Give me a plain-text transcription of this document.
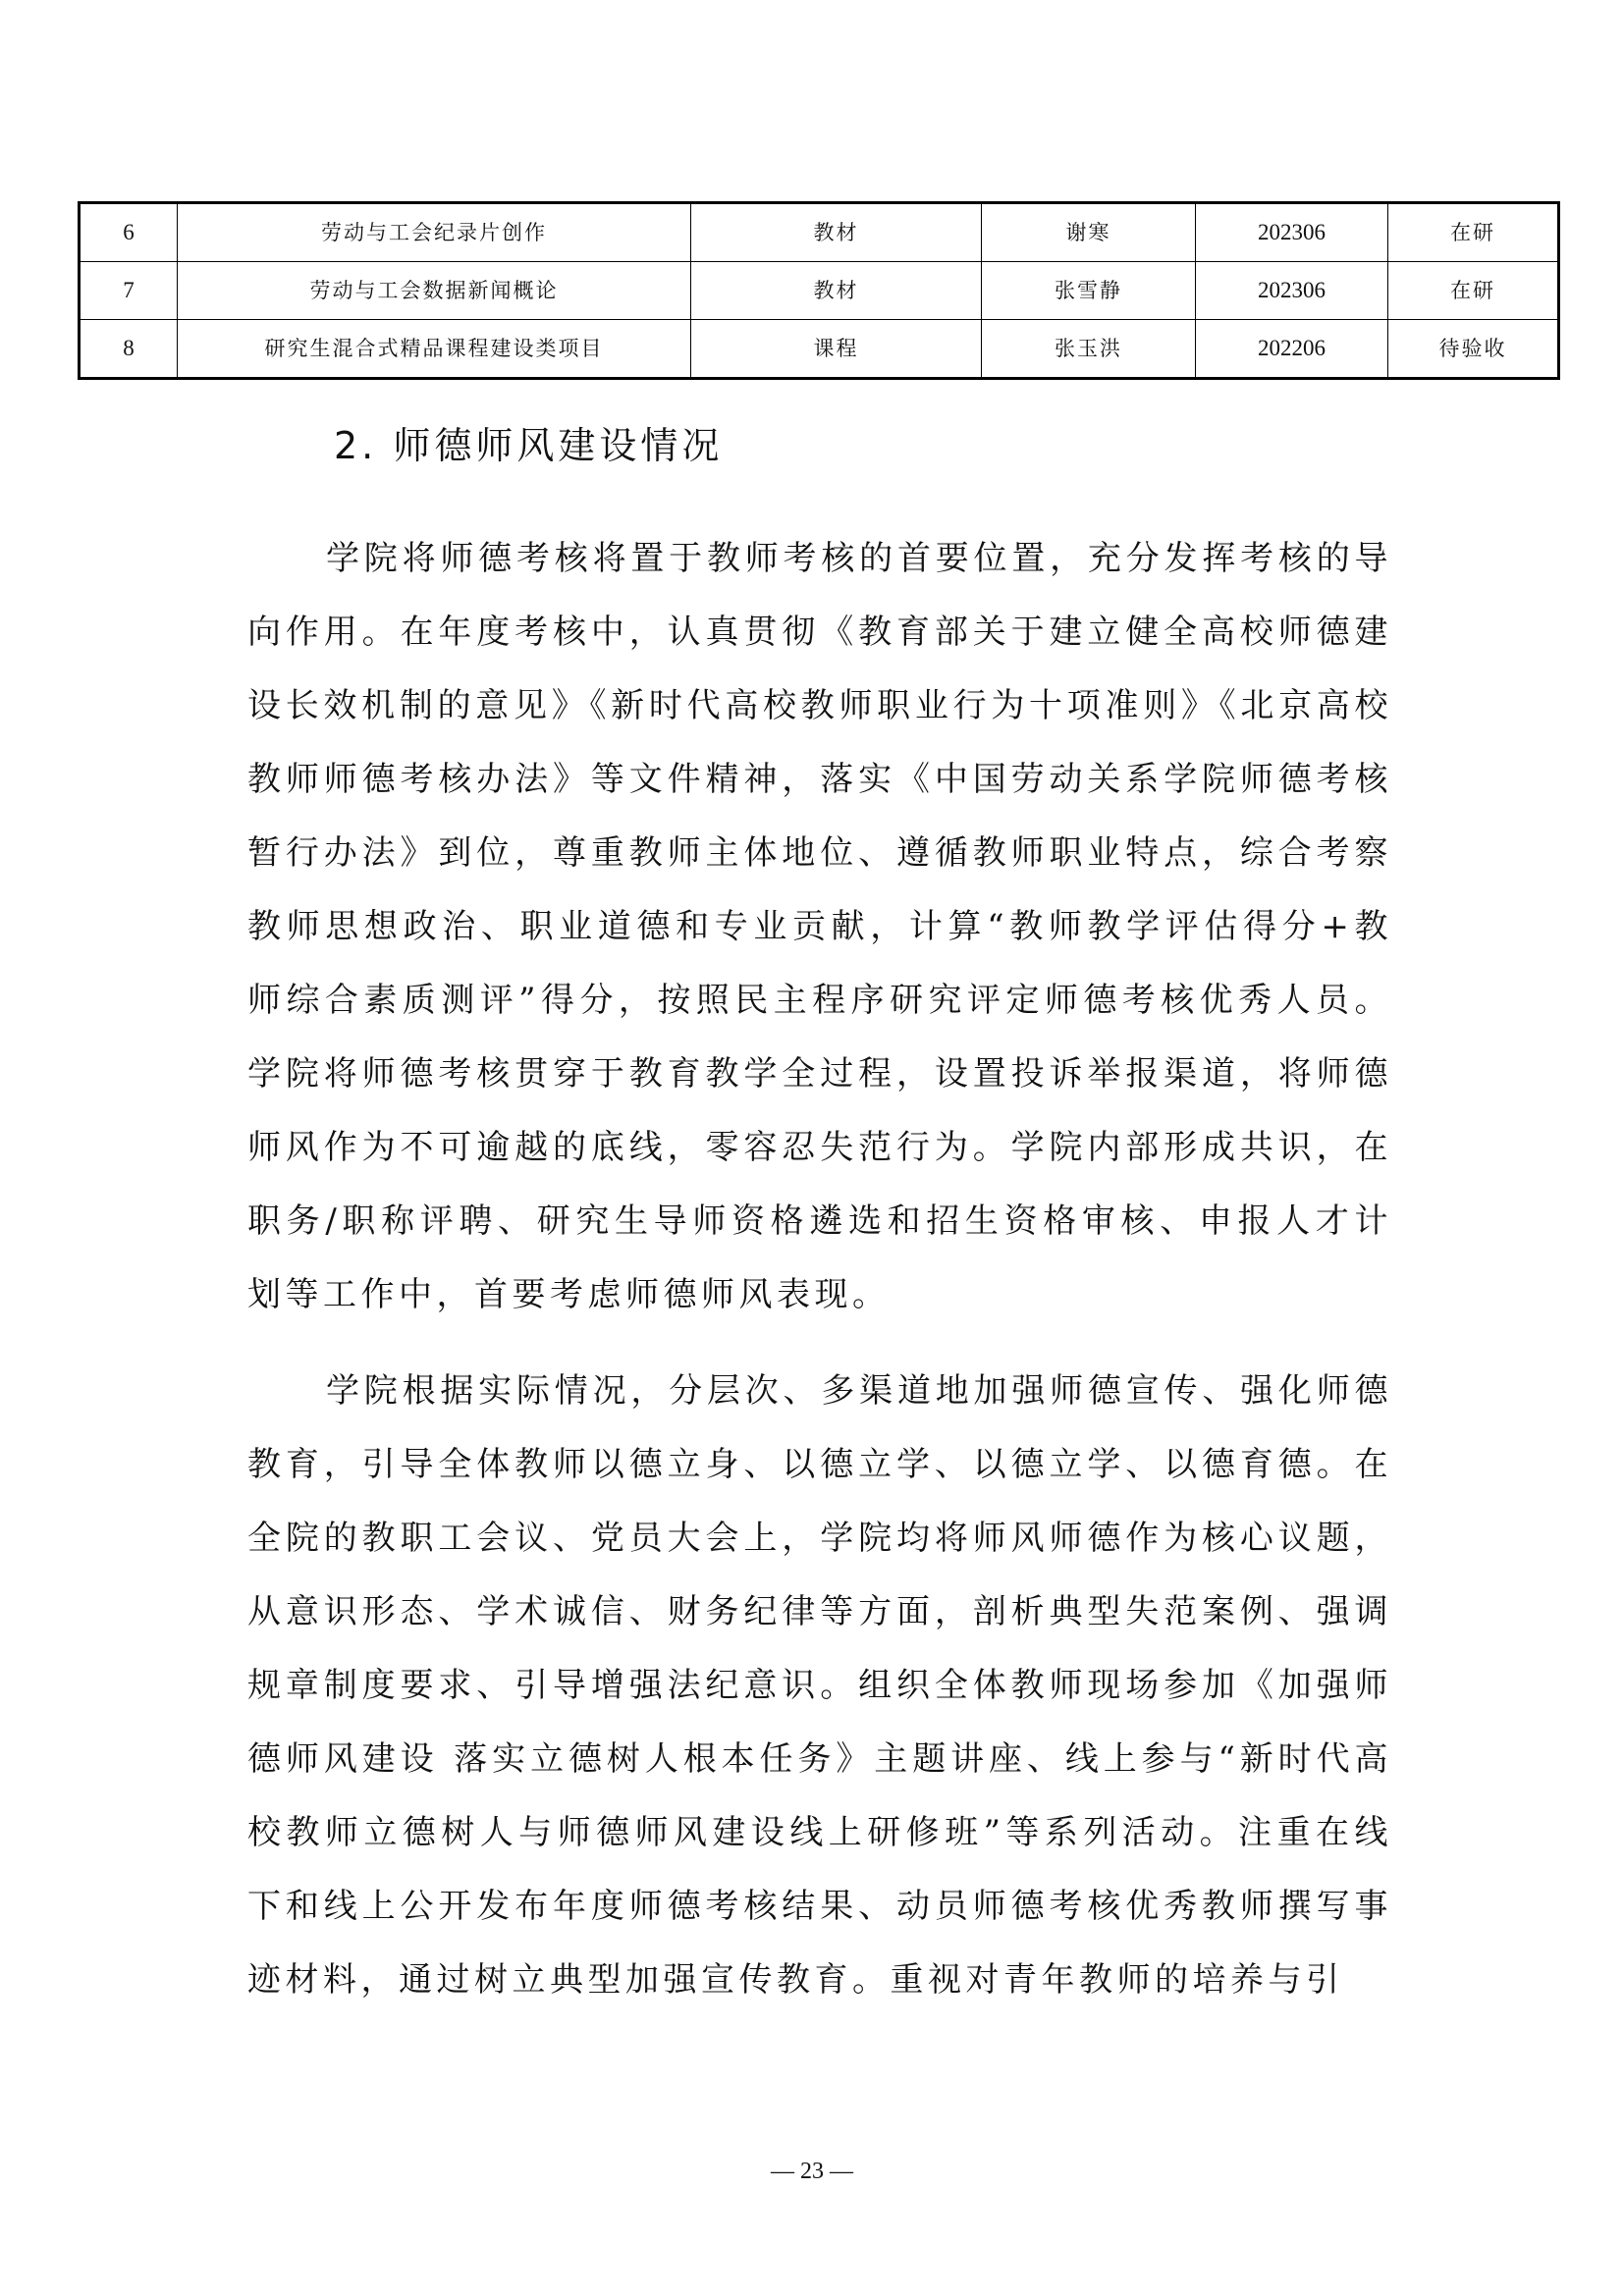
6	劳动与工会纪录片创作	教材	谢寒	202306	在研
7	劳动与工会数据新闻概论	教材	张雪静	202306	在研
8	研究生混合式精品课程建设类项目	课程	张玉洪	202206	待验收
2. 师德师风建设情况

学院将师德考核将置于教师考核的首要位置，充分发挥考核的导向作用。在年度考核中，认真贯彻《教育部关于建立健全高校师德建设长效机制的意见》《新时代高校教师职业行为十项准则》《北京高校教师师德考核办法》等文件精神，落实《中国劳动关系学院师德考核暂行办法》到位，尊重教师主体地位、遵循教师职业特点，综合考察教师思想政治、职业道德和专业贡献，计算“教师教学评估得分+教师综合素质测评”得分，按照民主程序研究评定师德考核优秀人员。学院将师德考核贯穿于教育教学全过程，设置投诉举报渠道，将师德师风作为不可逾越的底线，零容忍失范行为。学院内部形成共识，在职务/职称评聘、研究生导师资格遴选和招生资格审核、申报人才计划等工作中，首要考虑师德师风表现。

学院根据实际情况，分层次、多渠道地加强师德宣传、强化师德教育，引导全体教师以德立身、以德立学、以德立学、以德育德。在全院的教职工会议、党员大会上，学院均将师风师德作为核心议题，从意识形态、学术诚信、财务纪律等方面，剖析典型失范案例、强调规章制度要求、引导增强法纪意识。组织全体教师现场参加《加强师德师风建设 落实立德树人根本任务》主题讲座、线上参与“新时代高校教师立德树人与师德师风建设线上研修班”等系列活动。注重在线下和线上公开发布年度师德考核结果、动员师德考核优秀教师撰写事迹材料，通过树立典型加强宣传教育。重视对青年教师的培养与引

— 23 —
